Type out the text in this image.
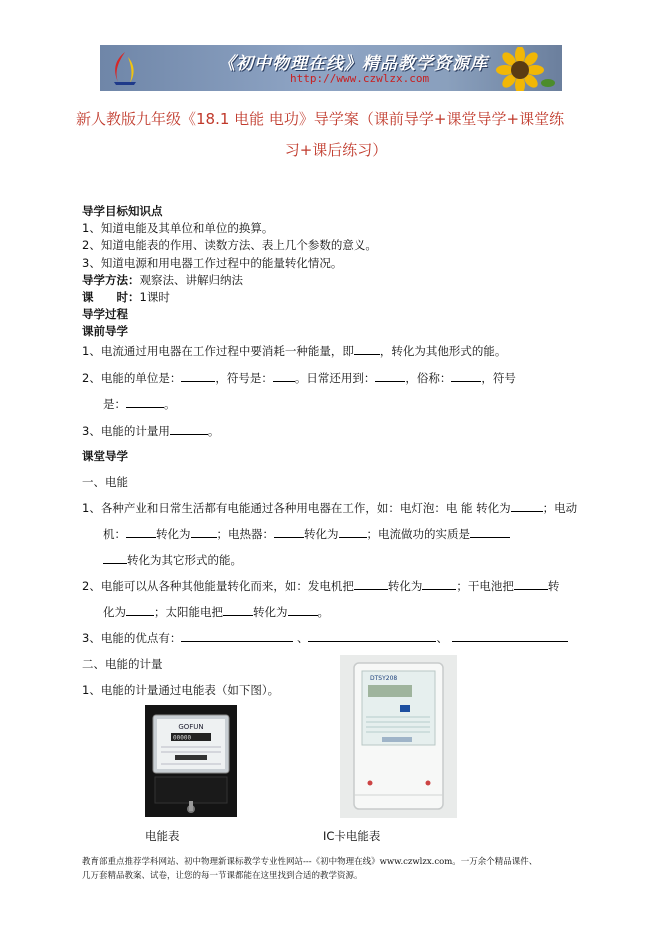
《初中物理在线》精品教学资源库
http://www.czwlzx.com
新人教版九年级《18.1 电能 电功》导学案（课前导学+课堂导学+课堂练
习+课后练习）
导学目标知识点
1、知道电能及其单位和单位的换算。
2、知道电能表的作用、读数方法、表上几个参数的意义。
3、知道电源和用电器工作过程中的能量转化情况。
导学方法：观察法、讲解归纳法
课　　时：1课时
导学过程
课前导学
1、电流通过用电器在工作过程中要消耗一种能量，即 ，转化为其他形式的能。
2、电能的单位是：	，符号是： 。日常还用到：	，俗称：	，符号
是：	。
3、电能的计量用	。
课堂导学
一、电能
1、各种产业和日常生活都有电能通过各种用电器在工作，如：电灯泡：电 能 转化为	；电动
机：	转化为 ；电热器：	转化为 ；电流做功的实质是
转化为其它形式的能。
2、电能可以从各种其他能量转化而来，如：发电机把	转化为	；干电池把	转
化为 ；太阳能电把	转化为	。
3、电能的优点有：	、	、
二、电能的计量
1、电能的计量通过电能表（如下图）。
GOFUN
00000
DTSY208
电能表	IC卡电能表
教育部重点推荐学科网站、初中物理新课标教学专业性网站---《初中物理在线》www.czwlzx.com。一万余个精品课件、
几万套精品教案、试卷，让您的每一节课都能在这里找到合适的教学资源。
